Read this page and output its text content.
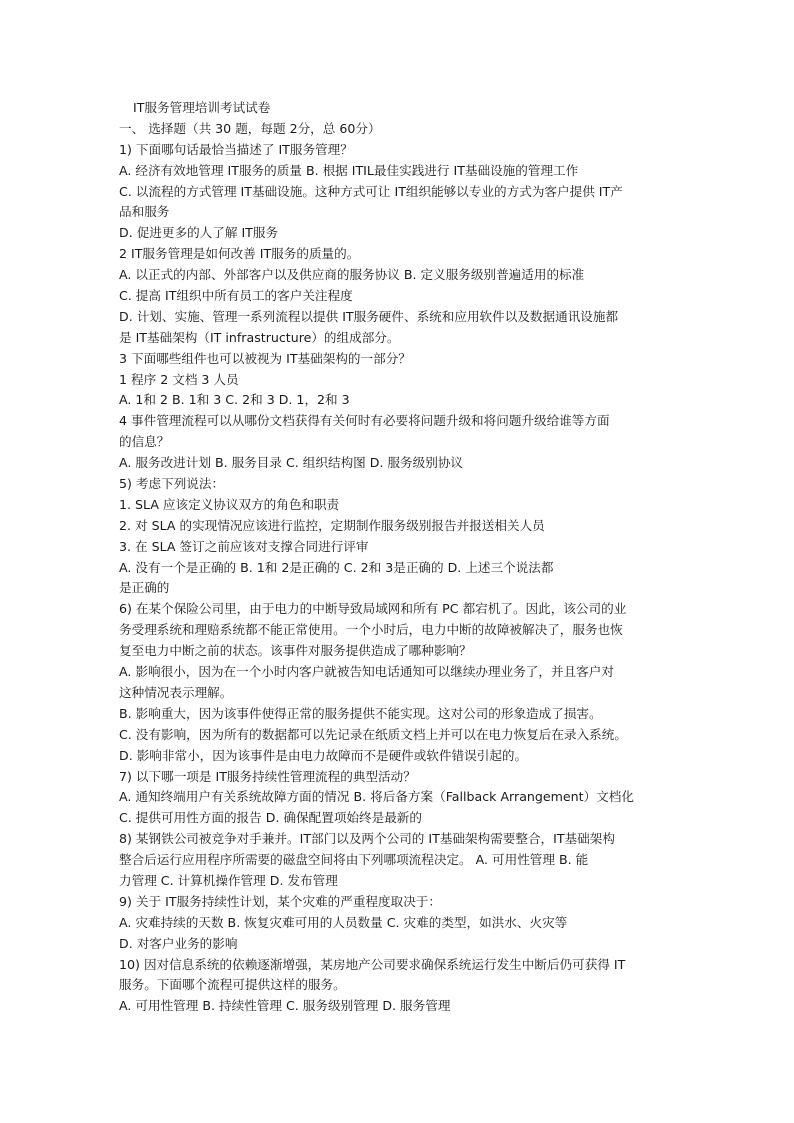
IT服务管理培训考试试卷
一、 选择题（共 30 题，每题 2分，总 60分）
1) 下面哪句话最恰当描述了 IT服务管理？
A. 经济有效地管理 IT服务的质量 B. 根据 ITIL最佳实践进行 IT基础设施的管理工作
C. 以流程的方式管理 IT基础设施。这种方式可让 IT组织能够以专业的方式为客户提供 IT产
品和服务
D. 促进更多的人了解 IT服务
2 IT服务管理是如何改善 IT服务的质量的。
A. 以正式的内部、外部客户以及供应商的服务协议 B. 定义服务级别普遍适用的标准
C. 提高 IT组织中所有员工的客户关注程度
D. 计划、实施、管理一系列流程以提供 IT服务硬件、系统和应用软件以及数据通讯设施都
是 IT基础架构（IT infrastructure）的组成部分。
3 下面哪些组件也可以被视为 IT基础架构的一部分？
1 程序 2 文档 3 人员
A. 1和 2 B. 1和 3 C. 2和 3 D. 1，2和 3
4 事件管理流程可以从哪份文档获得有关何时有必要将问题升级和将问题升级给谁等方面
的信息？
A. 服务改进计划 B. 服务目录 C. 组织结构图 D. 服务级别协议
5) 考虑下列说法：
1. SLA 应该定义协议双方的角色和职责
2. 对 SLA 的实现情况应该进行监控，定期制作服务级别报告并报送相关人员
3. 在 SLA 签订之前应该对支撑合同进行评审
A. 没有一个是正确的 B. 1和 2是正确的 C. 2和 3是正确的 D. 上述三个说法都
是正确的
6) 在某个保险公司里，由于电力的中断导致局域网和所有 PC 都宕机了。因此，该公司的业
务受理系统和理赔系统都不能正常使用。一个小时后，电力中断的故障被解决了，服务也恢
复至电力中断之前的状态。该事件对服务提供造成了哪种影响？
A. 影响很小，因为在一个小时内客户就被告知电话通知可以继续办理业务了，并且客户对
这种情况表示理解。
B. 影响重大，因为该事件使得正常的服务提供不能实现。这对公司的形象造成了损害。
C. 没有影响，因为所有的数据都可以先记录在纸质文档上并可以在电力恢复后在录入系统。
D. 影响非常小，因为该事件是由电力故障而不是硬件或软件错误引起的。
7) 以下哪一项是 IT服务持续性管理流程的典型活动？
A. 通知终端用户有关系统故障方面的情况 B. 将后备方案（Fallback Arrangement）文档化
C. 提供可用性方面的报告 D. 确保配置项始终是最新的
8) 某钢铁公司被竞争对手兼并。IT部门以及两个公司的 IT基础架构需要整合，IT基础架构
整合后运行应用程序所需要的磁盘空间将由下列哪项流程决定。 A. 可用性管理 B. 能
力管理 C. 计算机操作管理 D. 发布管理
9) 关于 IT服务持续性计划，某个灾难的严重程度取决于：
A. 灾难持续的天数 B. 恢复灾难可用的人员数量 C. 灾难的类型，如洪水、火灾等
D. 对客户业务的影响
10) 因对信息系统的依赖逐渐增强，某房地产公司要求确保系统运行发生中断后仍可获得 IT
服务。下面哪个流程可提供这样的服务。
A. 可用性管理 B. 持续性管理 C. 服务级别管理 D. 服务管理
